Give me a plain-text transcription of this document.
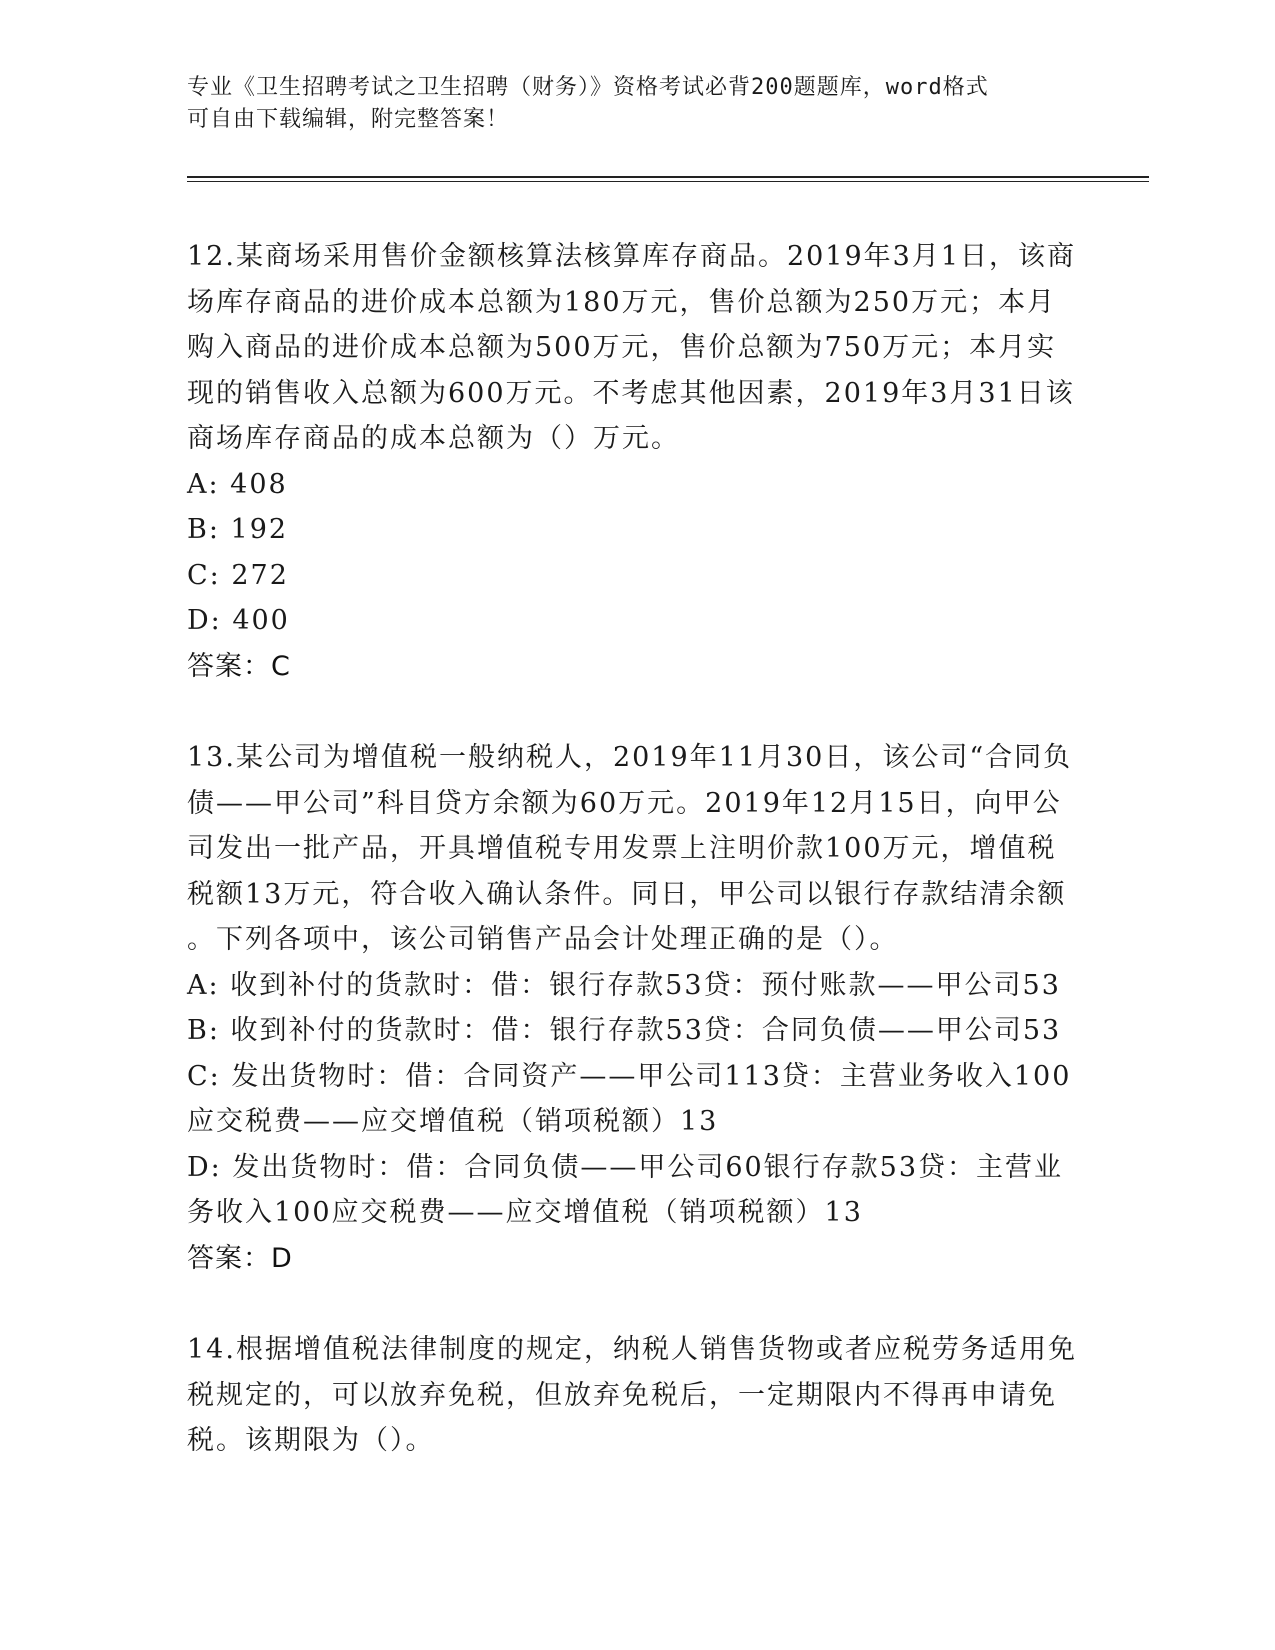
专业《卫生招聘考试之卫生招聘（财务）》资格考试必背200题题库，word格式
可自由下载编辑，附完整答案！
12.某商场采用售价金额核算法核算库存商品。2019年3月1日，该商
场库存商品的进价成本总额为180万元，售价总额为250万元；本月
购入商品的进价成本总额为500万元，售价总额为750万元；本月实
现的销售收入总额为600万元。不考虑其他因素，2019年3月31日该
商场库存商品的成本总额为（）万元。
A: 408
B: 192
C: 272
D: 400
答案：C
13.某公司为增值税一般纳税人，2019年11月30日，该公司“合同负
债——甲公司”科目贷方余额为60万元。2019年12月15日，向甲公
司发出一批产品，开具增值税专用发票上注明价款100万元，增值税
税额13万元，符合收入确认条件。同日，甲公司以银行存款结清余额
。下列各项中，该公司销售产品会计处理正确的是（）。
A: 收到补付的货款时：借：银行存款53贷：预付账款——甲公司53
B: 收到补付的货款时：借：银行存款53贷：合同负债——甲公司53
C: 发出货物时：借：合同资产——甲公司113贷：主营业务收入100
应交税费——应交增值税（销项税额）13
D: 发出货物时：借：合同负债——甲公司60银行存款53贷：主营业
务收入100应交税费——应交增值税（销项税额）13
答案：D
14.根据增值税法律制度的规定，纳税人销售货物或者应税劳务适用免
税规定的，可以放弃免税，但放弃免税后，一定期限内不得再申请免
税。该期限为（）。
